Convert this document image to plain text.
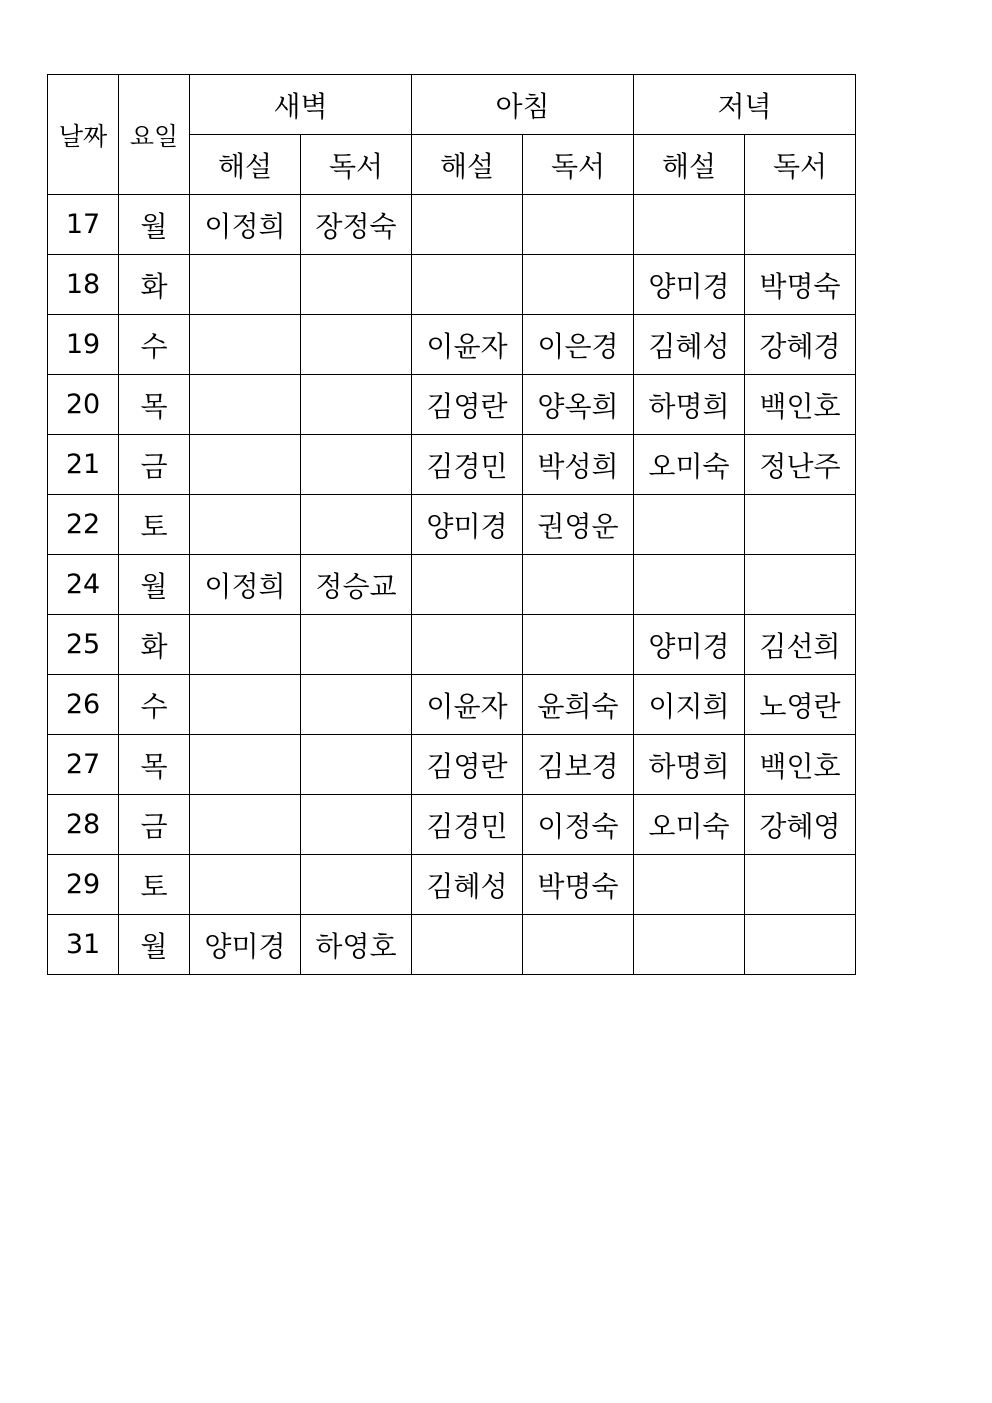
날짜	요일	새벽		아침		저녁	
		해설	독서	해설	독서	해설	독서
17	월	이정희	장정숙				
18	화					양미경	박명숙
19	수			이윤자	이은경	김혜성	강혜경
20	목			김영란	양옥희	하명희	백인호
21	금			김경민	박성희	오미숙	정난주
22	토			양미경	권영운		
24	월	이정희	정승교				
25	화					양미경	김선희
26	수			이윤자	윤희숙	이지희	노영란
27	목			김영란	김보경	하명희	백인호
28	금			김경민	이정숙	오미숙	강혜영
29	토			김혜성	박명숙		
31	월	양미경	하영호				
